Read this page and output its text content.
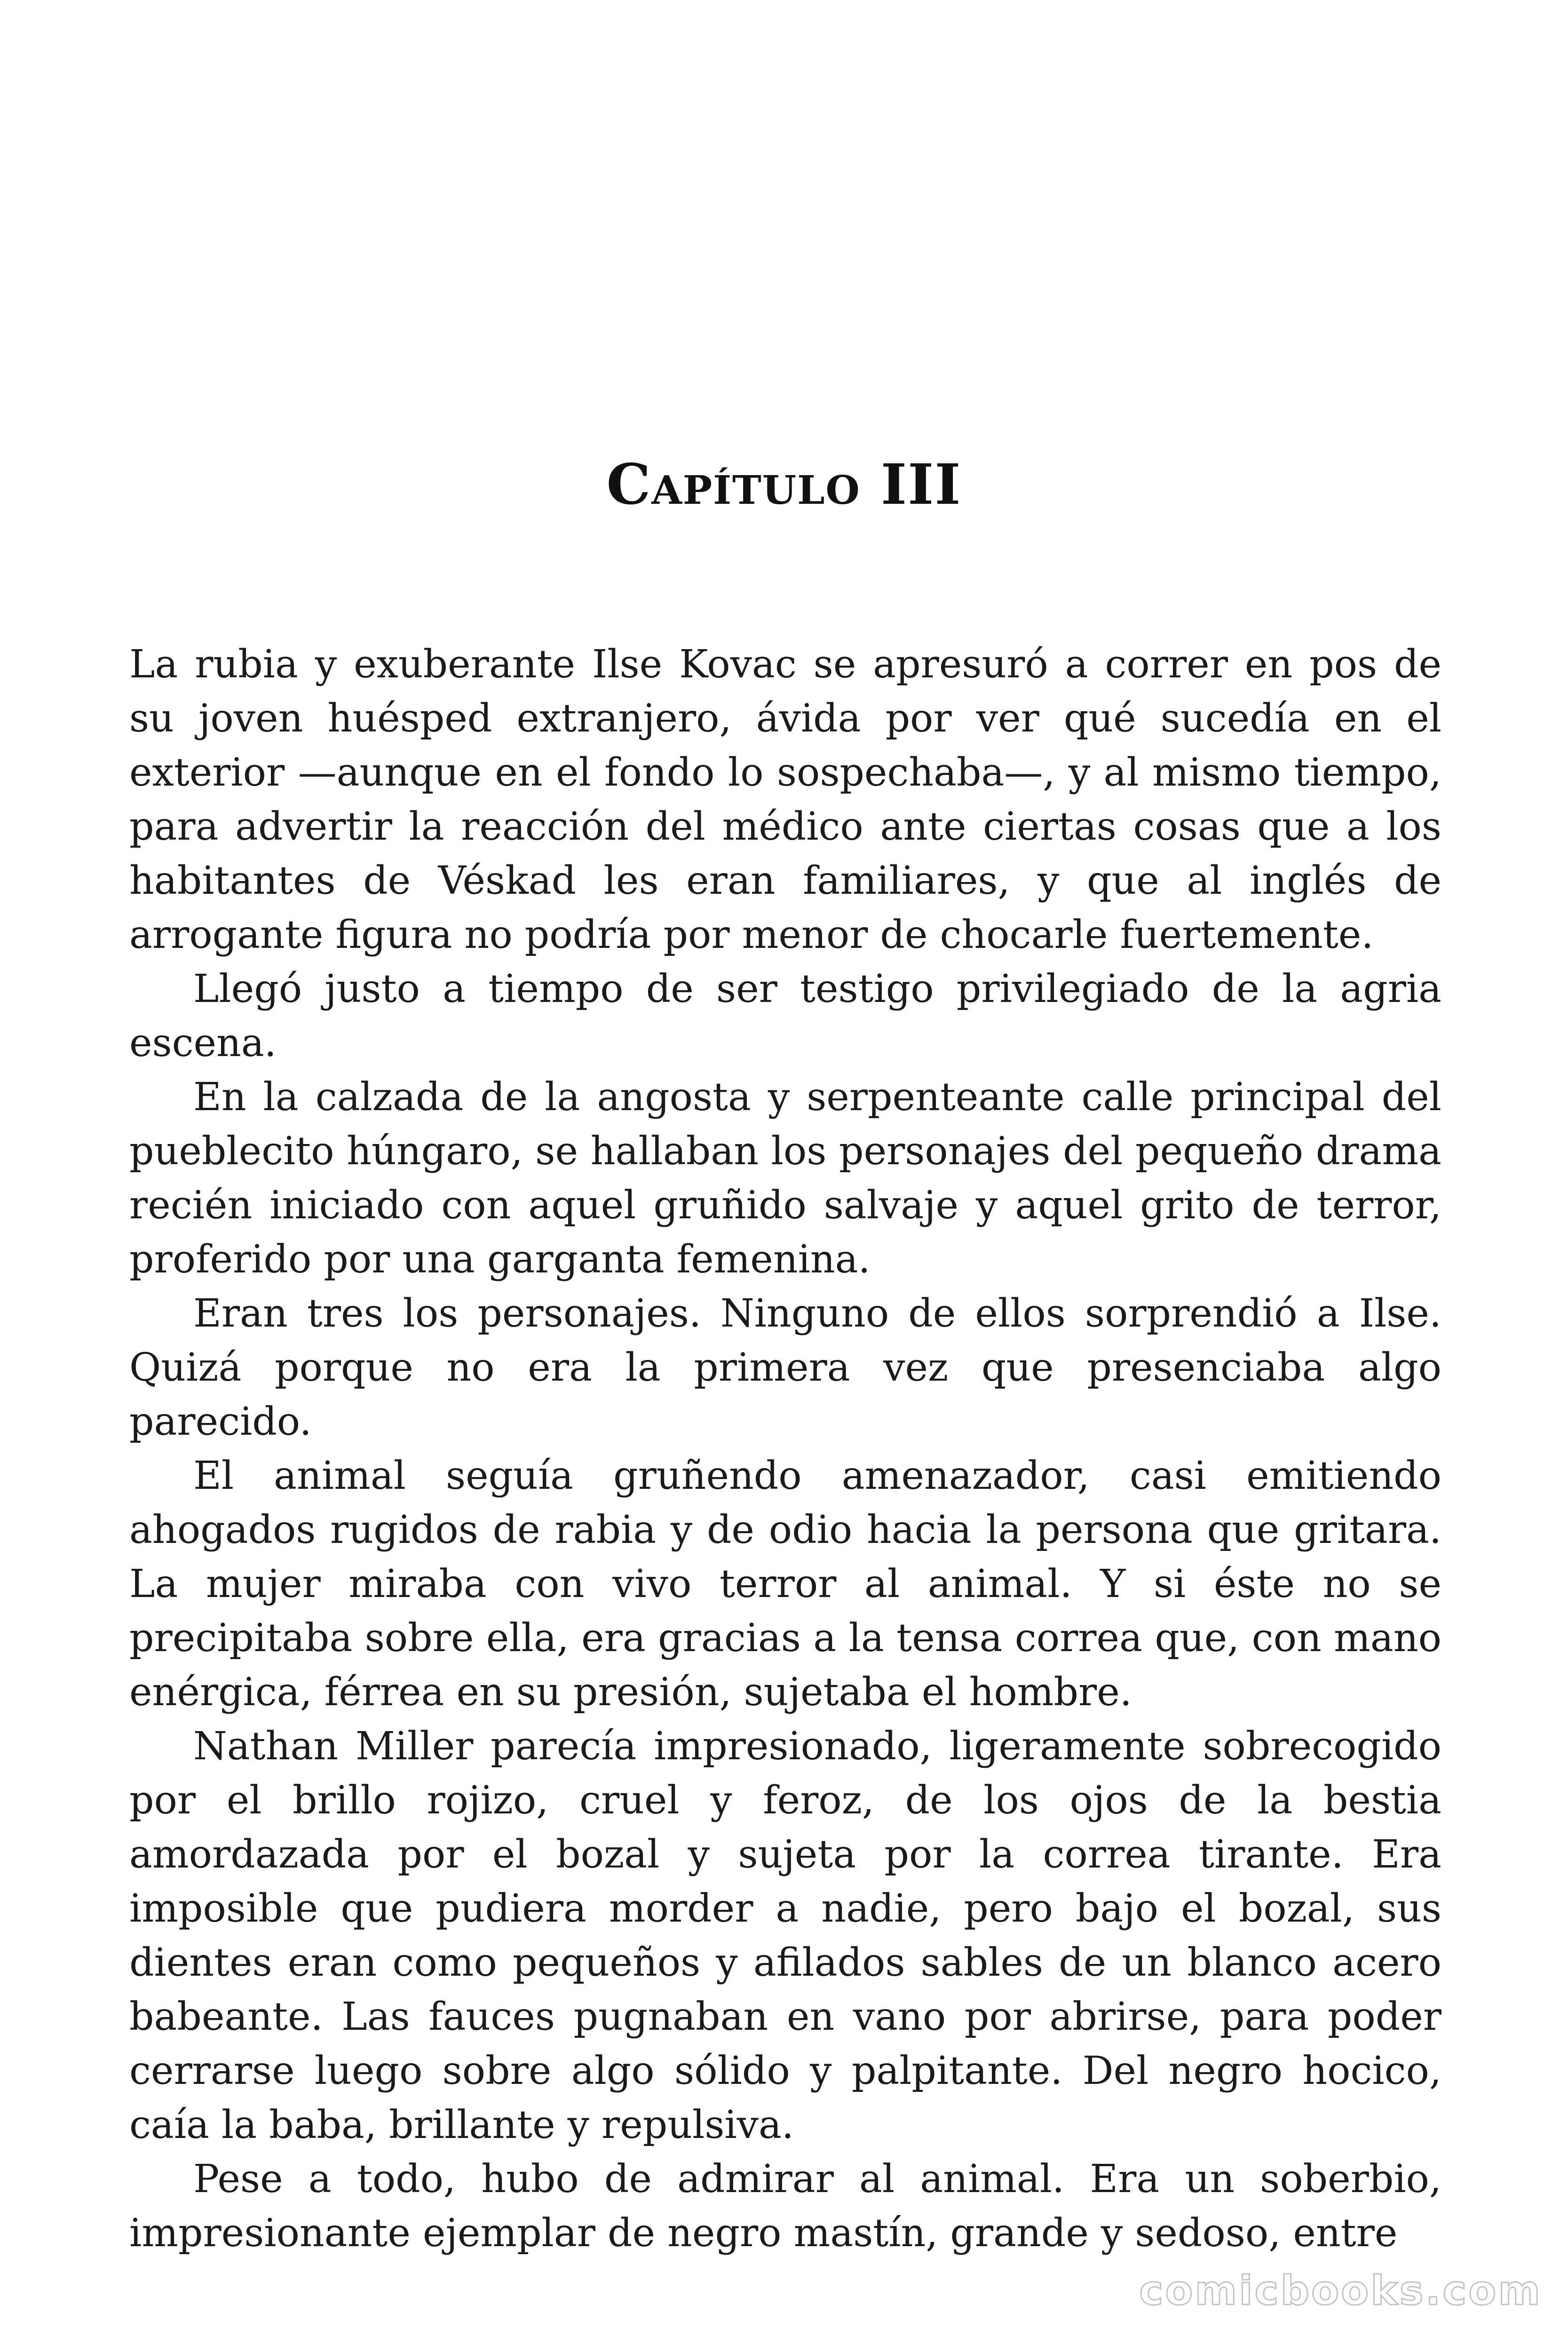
Capítulo III

La rubia y exuberante Ilse Kovac se apresuró a correr en pos de su joven huésped extranjero, ávida por ver qué sucedía en el exterior —aunque en el fondo lo sospechaba—, y al mismo tiempo, para advertir la reacción del médico ante ciertas cosas que a los habitantes de Véskad les eran familiares, y que al inglés de arrogante figura no podría por menor de chocarle fuertemente.

Llegó justo a tiempo de ser testigo privilegiado de la agria escena.

En la calzada de la angosta y serpenteante calle principal del pueblecito húngaro, se hallaban los personajes del pequeño drama recién iniciado con aquel gruñido salvaje y aquel grito de terror, proferido por una garganta femenina.

Eran tres los personajes. Ninguno de ellos sorprendió a Ilse. Quizá porque no era la primera vez que presenciaba algo parecido.

El animal seguía gruñendo amenazador, casi emitiendo ahogados rugidos de rabia y de odio hacia la persona que gritara. La mujer miraba con vivo terror al animal. Y si éste no se precipitaba sobre ella, era gracias a la tensa correa que, con mano enérgica, férrea en su presión, sujetaba el hombre.

Nathan Miller parecía impresionado, ligeramente sobrecogido por el brillo rojizo, cruel y feroz, de los ojos de la bestia amordazada por el bozal y sujeta por la correa tirante. Era imposible que pudiera morder a nadie, pero bajo el bozal, sus dientes eran como pequeños y afilados sables de un blanco acero babeante. Las fauces pugnaban en vano por abrirse, para poder cerrarse luego sobre algo sólido y palpitante. Del negro hocico, caía la baba, brillante y repulsiva.

Pese a todo, hubo de admirar al animal. Era un soberbio, impresionante ejemplar de negro mastín, grande y sedoso, entre

comicbooks.com
